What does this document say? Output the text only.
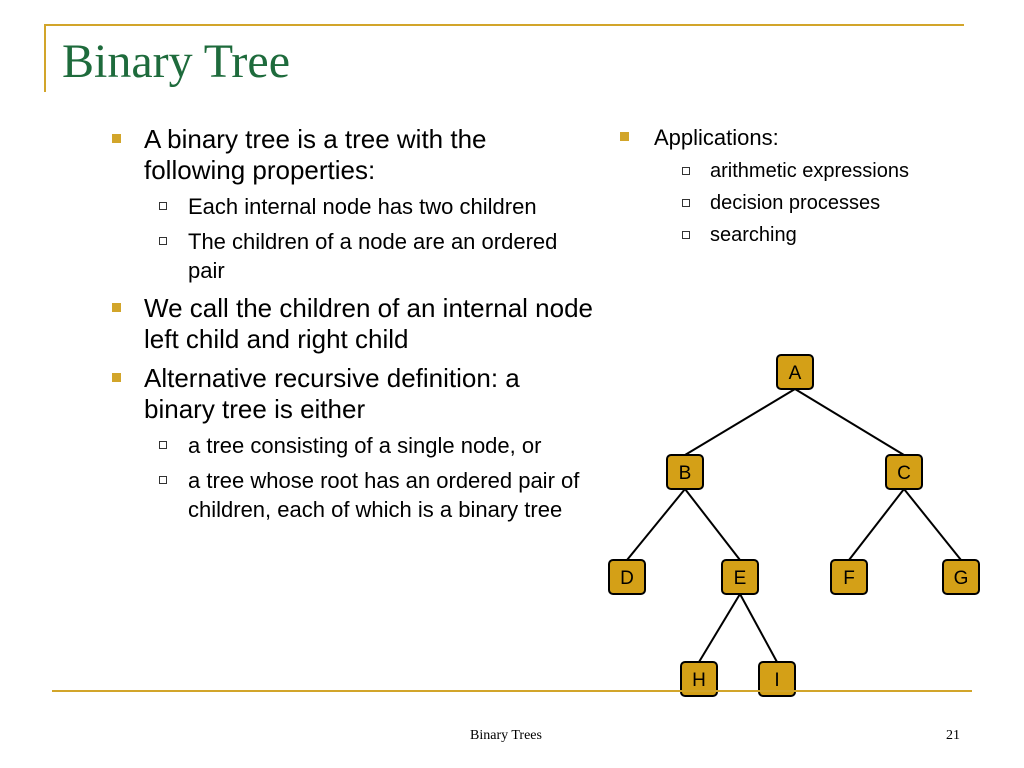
Binary Tree
A binary tree is a tree with the following properties:
Each internal node has two children
The children of a node are an ordered pair
We call the children of an internal node left child and right child
Alternative recursive definition: a binary tree is either
a tree consisting of a single node, or
a tree whose root has an ordered pair of children, each of which is a binary tree
Applications:
arithmetic expressions
decision processes
searching
A
B	C
D	E	F	G
H	I
Binary Trees	21
